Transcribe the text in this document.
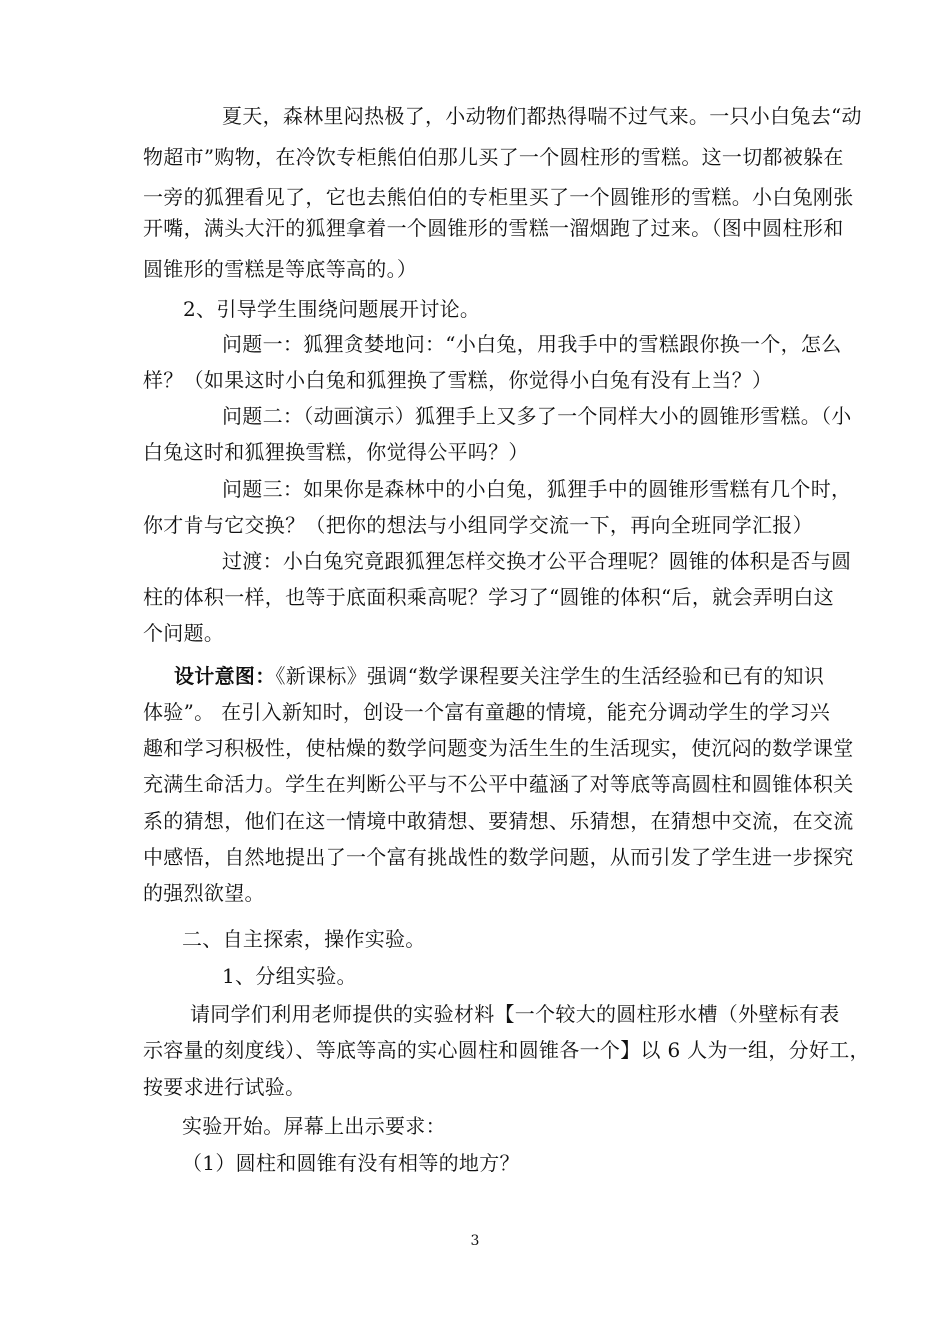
夏天，森林里闷热极了，小动物们都热得喘不过气来。一只小白兔去“动
物超市”购物，在冷饮专柜熊伯伯那儿买了一个圆柱形的雪糕。这一切都被躲在
一旁的狐狸看见了，它也去熊伯伯的专柜里买了一个圆锥形的雪糕。小白兔刚张
开嘴，满头大汗的狐狸拿着一个圆锥形的雪糕一溜烟跑了过来。（图中圆柱形和
圆锥形的雪糕是等底等高的。）
2、引导学生围绕问题展开讨论。
问题一：狐狸贪婪地问：“小白兔，用我手中的雪糕跟你换一个，怎么
样？（如果这时小白兔和狐狸换了雪糕，你觉得小白兔有没有上当？）
问题二：（动画演示）狐狸手上又多了一个同样大小的圆锥形雪糕。（小
白兔这时和狐狸换雪糕，你觉得公平吗？）
问题三：如果你是森林中的小白兔，狐狸手中的圆锥形雪糕有几个时，
你才肯与它交换？（把你的想法与小组同学交流一下，再向全班同学汇报）
过渡：小白兔究竟跟狐狸怎样交换才公平合理呢？圆锥的体积是否与圆
柱的体积一样，也等于底面积乘高呢？学习了“圆锥的体积“后，就会弄明白这
个问题。
设计意图：《新课标》强调“数学课程要关注学生的生活经验和已有的知识
体验”。 在引入新知时，创设一个富有童趣的情境，能充分调动学生的学习兴
趣和学习积极性，使枯燥的数学问题变为活生生的生活现实，使沉闷的数学课堂
充满生命活力。学生在判断公平与不公平中蕴涵了对等底等高圆柱和圆锥体积关
系的猜想，他们在这一情境中敢猜想、要猜想、乐猜想，在猜想中交流，在交流
中感悟，自然地提出了一个富有挑战性的数学问题，从而引发了学生进一步探究
的强烈欲望。
二、自主探索，操作实验。
1、分组实验。
请同学们利用老师提供的实验材料【一个较大的圆柱形水槽（外壁标有表
示容量的刻度线）、等底等高的实心圆柱和圆锥各一个】以 6 人为一组，分好工，
按要求进行试验。
实验开始。屏幕上出示要求：
（1）圆柱和圆锥有没有相等的地方？
3
